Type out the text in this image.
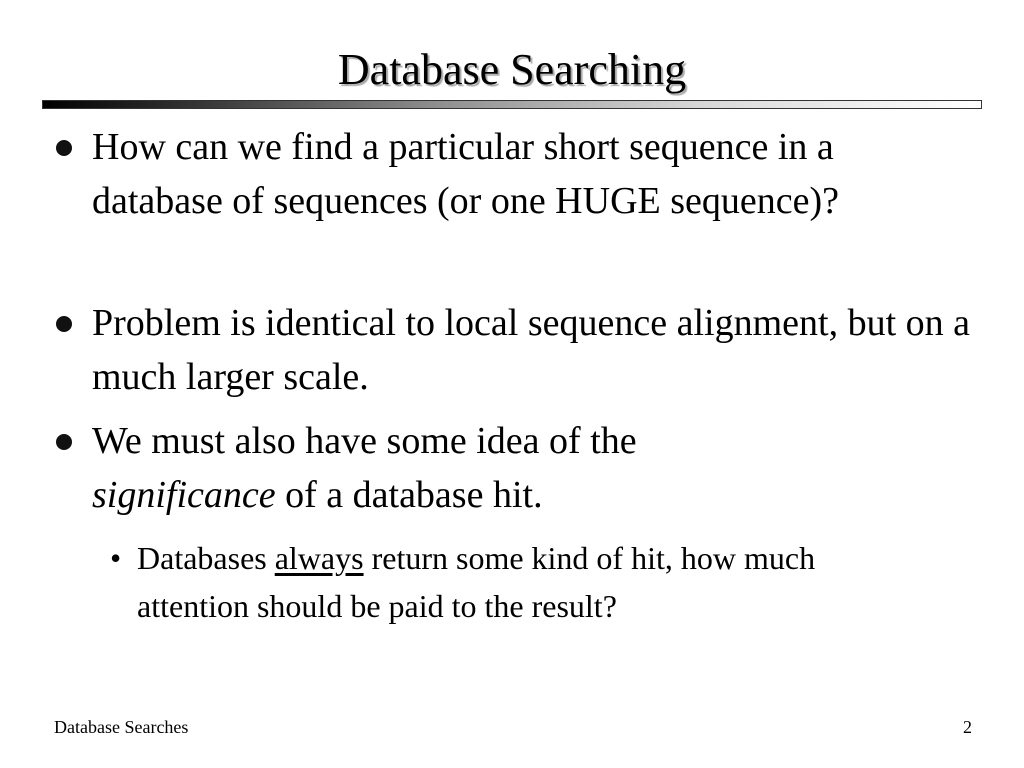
Database Searching
How can we find a particular short sequence in a database of sequences (or one HUGE sequence)?
Problem is identical to local sequence alignment, but on a much larger scale.
We must also have some idea of the
significance of a database hit.
• Databases always return some kind of hit, how much attention should be paid to the result?
Database Searches	2
